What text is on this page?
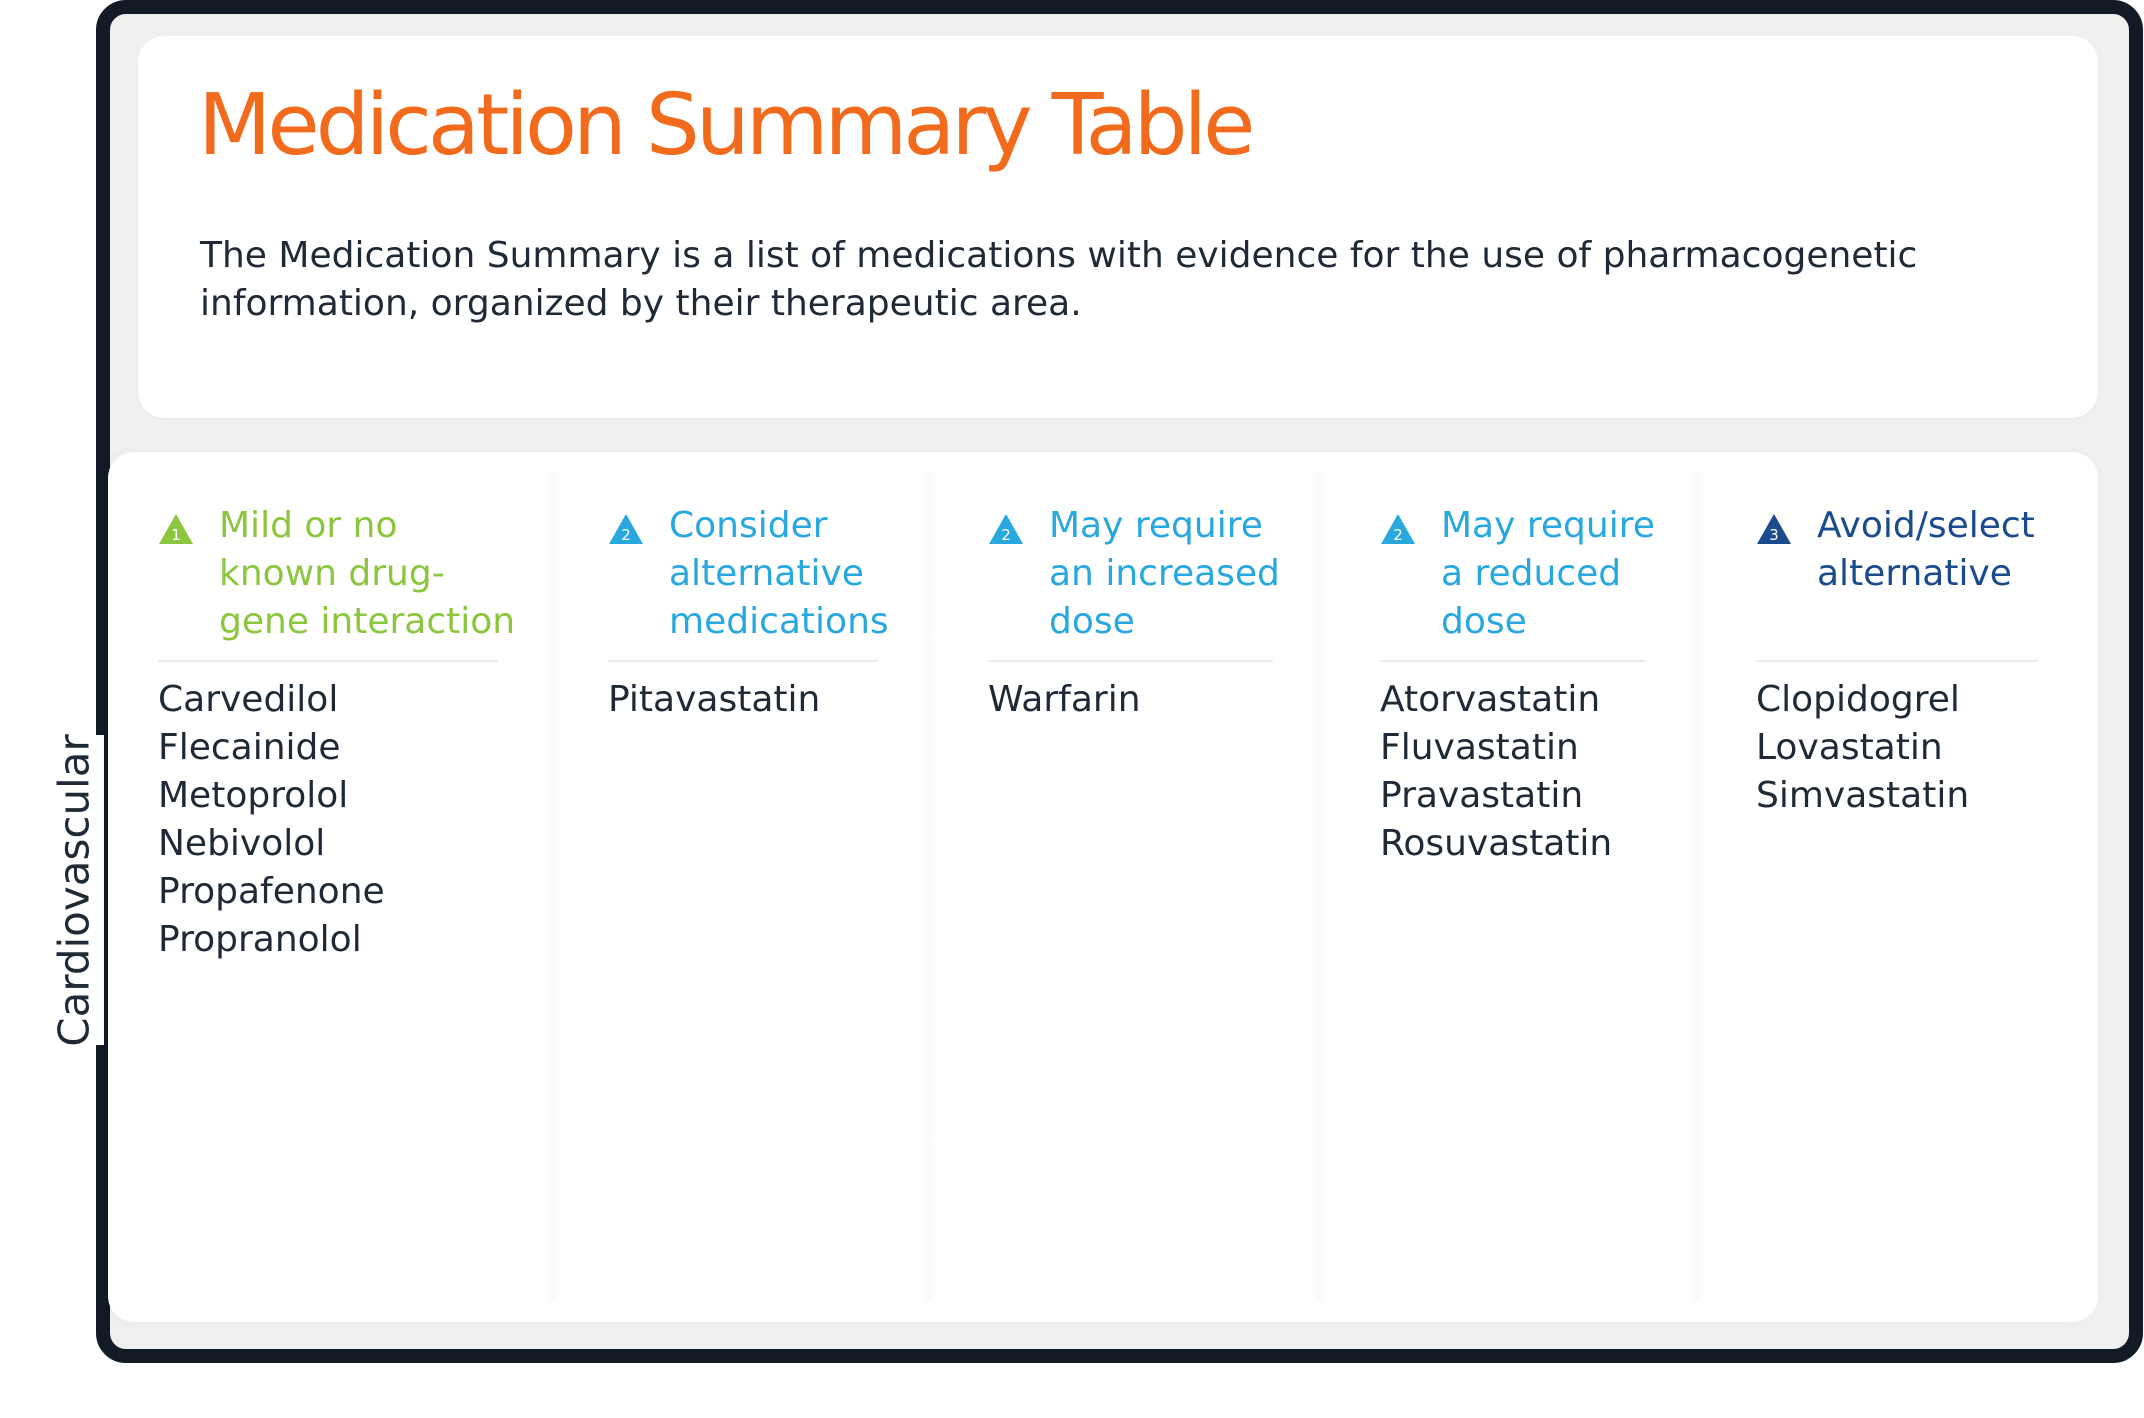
Medication Summary Table

The Medication Summary is a list of medications with evidence for the use of pharmacogenetic information, organized by their therapeutic area.

Cardiovascular
1 Mild or no
known drug-
gene interaction
Carvedilol
Flecainide
Metoprolol
Nebivolol
Propafenone
Propranolol
2 Consider
alternative
medications
Pitavastatin
2 May require
an increased
dose
Warfarin
2 May require
a reduced
dose
Atorvastatin
Fluvastatin
Pravastatin
Rosuvastatin
3 Avoid/select
alternative
Clopidogrel
Lovastatin
Simvastatin
